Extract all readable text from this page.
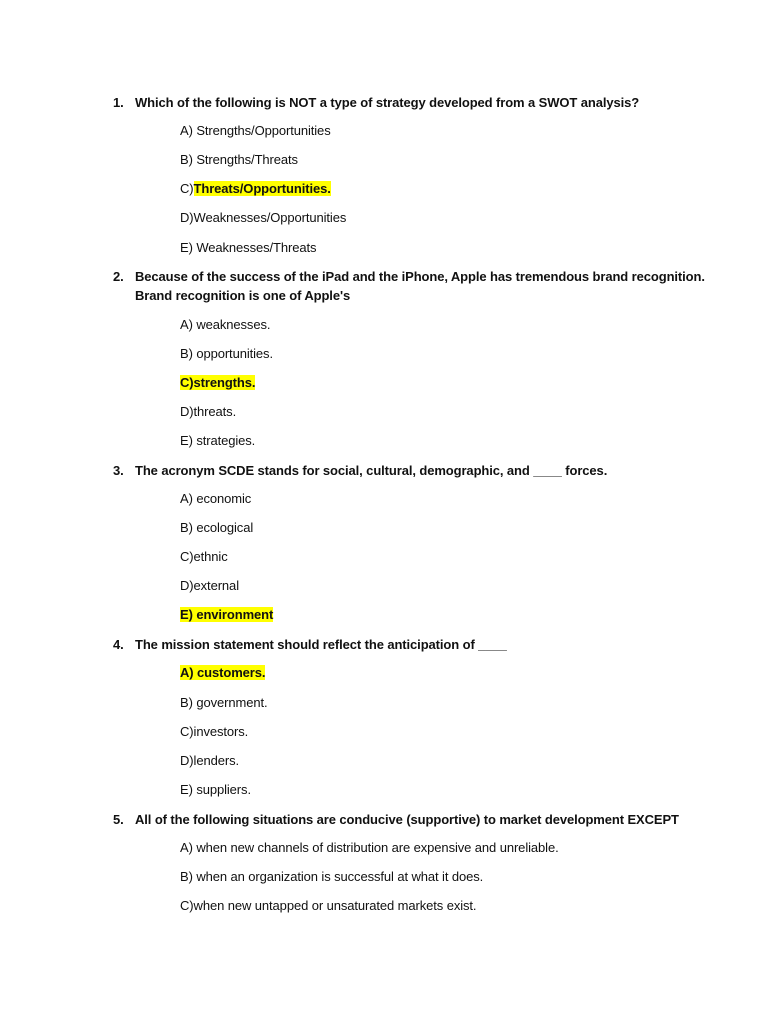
1. Which of the following is NOT a type of strategy developed from a SWOT analysis?
A) Strengths/Opportunities
B) Strengths/Threats
C)Threats/Opportunities.
D)Weaknesses/Opportunities
E) Weaknesses/Threats
2. Because of the success of the iPad and the iPhone, Apple has tremendous brand recognition. Brand recognition is one of Apple's
A) weaknesses.
B) opportunities.
C)strengths.
D)threats.
E) strategies.
3. The acronym SCDE stands for social, cultural, demographic, and ____ forces.
A) economic
B) ecological
C)ethnic
D)external
E) environment
4. The mission statement should reflect the anticipation of ____
A) customers.
B) government.
C)investors.
D)lenders.
E) suppliers.
5. All of the following situations are conducive (supportive) to market development EXCEPT
A) when new channels of distribution are expensive and unreliable.
B) when an organization is successful at what it does.
C)when new untapped or unsaturated markets exist.
